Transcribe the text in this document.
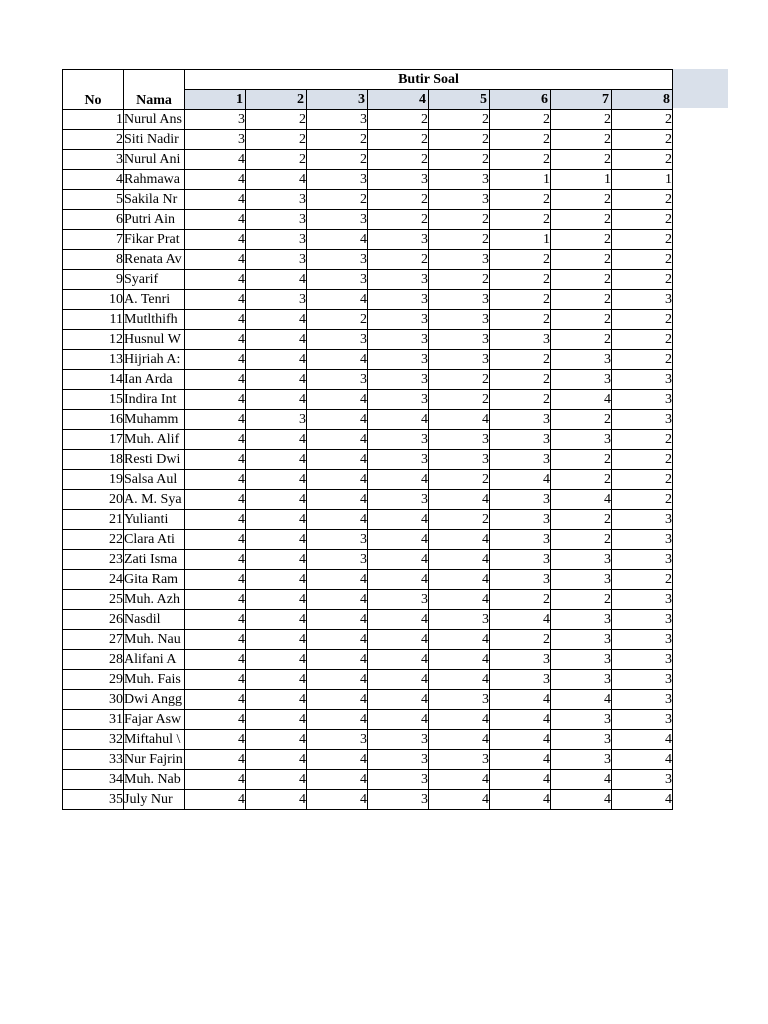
No	Nama	Butir Soal							
		1	2	3	4	5	6	7	8
1	Nurul Ans	3	2	3	2	2	2	2	2
2	Siti Nadir	3	2	2	2	2	2	2	2
3	Nurul Ani	4	2	2	2	2	2	2	2
4	Rahmawa	4	4	3	3	3	1	1	1
5	Sakila Nr	4	3	2	2	3	2	2	2
6	Putri Ain	4	3	3	2	2	2	2	2
7	Fikar Prat	4	3	4	3	2	1	2	2
8	Renata Av	4	3	3	2	3	2	2	2
9	Syarif	4	4	3	3	2	2	2	2
10	A. Tenri	4	3	4	3	3	2	2	3
11	Mutlthifh	4	4	2	3	3	2	2	2
12	Husnul W	4	4	3	3	3	3	2	2
13	Hijriah A:	4	4	4	3	3	2	3	2
14	Ian Arda	4	4	3	3	2	2	3	3
15	Indira Int	4	4	4	3	2	2	4	3
16	Muhamm	4	3	4	4	4	3	2	3
17	Muh. Alif	4	4	4	3	3	3	3	2
18	Resti Dwi	4	4	4	3	3	3	2	2
19	Salsa Aul	4	4	4	4	2	4	2	2
20	A. M. Sya	4	4	4	3	4	3	4	2
21	Yulianti	4	4	4	4	2	3	2	3
22	Clara Ati	4	4	3	4	4	3	2	3
23	Zati Isma	4	4	3	4	4	3	3	3
24	Gita Ram	4	4	4	4	4	3	3	2
25	Muh. Azh	4	4	4	3	4	2	2	3
26	Nasdil	4	4	4	4	3	4	3	3
27	Muh. Nau	4	4	4	4	4	2	3	3
28	Alifani A	4	4	4	4	4	3	3	3
29	Muh. Fais	4	4	4	4	4	3	3	3
30	Dwi Angg	4	4	4	4	3	4	4	3
31	Fajar Asw	4	4	4	4	4	4	3	3
32	Miftahul \	4	4	3	3	4	4	3	4
33	Nur Fajrin	4	4	4	3	3	4	3	4
34	Muh. Nab	4	4	4	3	4	4	4	3
35	July Nur	4	4	4	3	4	4	4	4
